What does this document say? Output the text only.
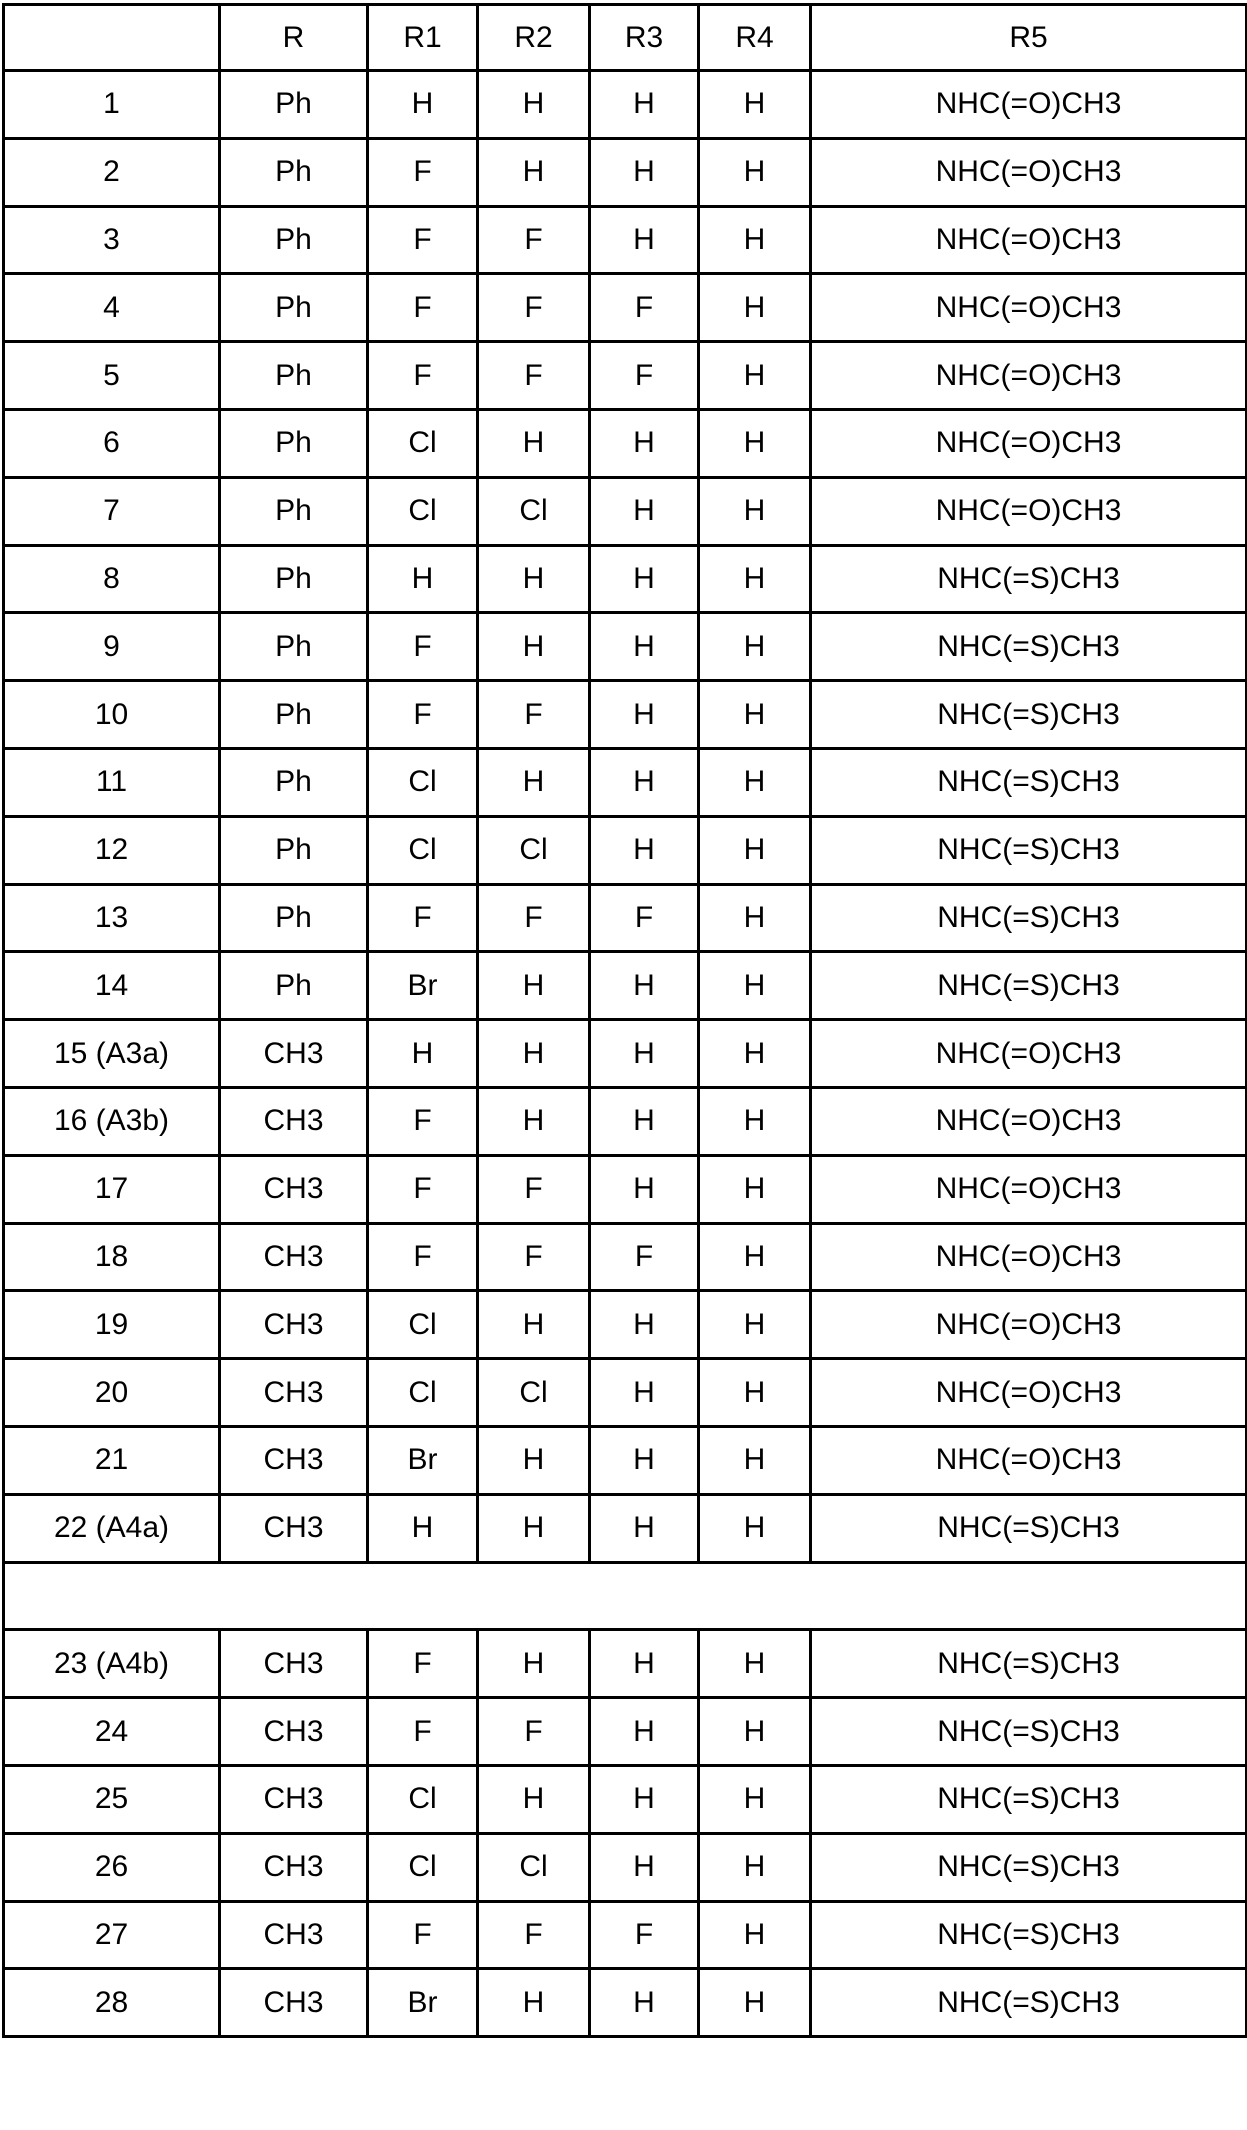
	R	R1	R2	R3	R4	R5
1	Ph	H	H	H	H	NHC(=O)CH3
2	Ph	F	H	H	H	NHC(=O)CH3
3	Ph	F	F	H	H	NHC(=O)CH3
4	Ph	F	F	F	H	NHC(=O)CH3
5	Ph	F	F	F	H	NHC(=O)CH3
6	Ph	Cl	H	H	H	NHC(=O)CH3
7	Ph	Cl	Cl	H	H	NHC(=O)CH3
8	Ph	H	H	H	H	NHC(=S)CH3
9	Ph	F	H	H	H	NHC(=S)CH3
10	Ph	F	F	H	H	NHC(=S)CH3
11	Ph	Cl	H	H	H	NHC(=S)CH3
12	Ph	Cl	Cl	H	H	NHC(=S)CH3
13	Ph	F	F	F	H	NHC(=S)CH3
14	Ph	Br	H	H	H	NHC(=S)CH3
15 (A3a)	CH3	H	H	H	H	NHC(=O)CH3
16 (A3b)	CH3	F	H	H	H	NHC(=O)CH3
17	CH3	F	F	H	H	NHC(=O)CH3
18	CH3	F	F	F	H	NHC(=O)CH3
19	CH3	Cl	H	H	H	NHC(=O)CH3
20	CH3	Cl	Cl	H	H	NHC(=O)CH3
21	CH3	Br	H	H	H	NHC(=O)CH3
22 (A4a)	CH3	H	H	H	H	NHC(=S)CH3

23 (A4b)	CH3	F	H	H	H	NHC(=S)CH3
24	CH3	F	F	H	H	NHC(=S)CH3
25	CH3	Cl	H	H	H	NHC(=S)CH3
26	CH3	Cl	Cl	H	H	NHC(=S)CH3
27	CH3	F	F	F	H	NHC(=S)CH3
28	CH3	Br	H	H	H	NHC(=S)CH3
